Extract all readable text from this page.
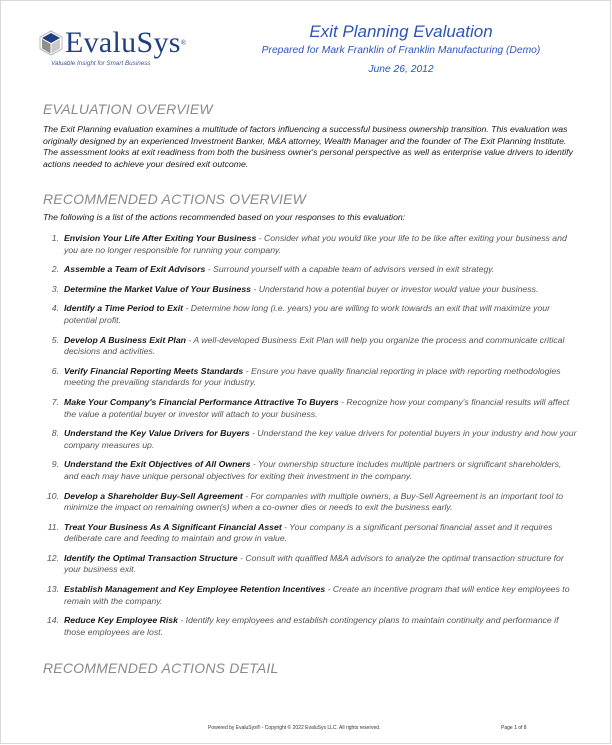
EvaluSys®
Valuable Insight for Smart Business
Exit Planning Evaluation
Prepared for Mark Franklin of Franklin Manufacturing (Demo)
June 26, 2012
EVALUATION OVERVIEW
The Exit Planning evaluation examines a multitude of factors influencing a successful business ownership transition. This evaluation was originally designed by an experienced Investment Banker, M&A attorney, Wealth Manager and the founder of The Exit Planning Institute. The assessment looks at exit readiness from both the business owner's personal perspective as well as enterprise value drivers to identify actions needed to achieve your desired exit outcome.
RECOMMENDED ACTIONS OVERVIEW
The following is a list of the actions recommended based on your responses to this evaluation:
1. Envision Your Life After Exiting Your Business - Consider what you would like your life to be like after exiting your business and you are no longer responsible for running your company.
2. Assemble a Team of Exit Advisors - Surround yourself with a capable team of advisors versed in exit strategy.
3. Determine the Market Value of Your Business - Understand how a potential buyer or investor would value your business.
4. Identify a Time Period to Exit - Determine how long (i.e. years) you are willing to work towards an exit that will maximize your potential profit.
5. Develop A Business Exit Plan - A well-developed Business Exit Plan will help you organize the process and communicate critical decisions and activities.
6. Verify Financial Reporting Meets Standards - Ensure you have quality financial reporting in place with reporting methodologies meeting the prevailing standards for your industry.
7. Make Your Company's Financial Performance Attractive To Buyers - Recognize how your company's financial results will affect the value a potential buyer or investor will attach to your business.
8. Understand the Key Value Drivers for Buyers - Understand the key value drivers for potential buyers in your industry and how your company measures up.
9. Understand the Exit Objectives of All Owners - Your ownership structure includes multiple partners or significant shareholders, and each may have unique personal objectives for exiting their investment in the company.
10. Develop a Shareholder Buy-Sell Agreement - For companies with multiple owners, a Buy-Sell Agreement is an important tool to minimize the impact on remaining owner(s) when a co-owner dies or needs to exit the business early.
11. Treat Your Business As A Significant Financial Asset - Your company is a significant personal financial asset and it requires deliberate care and feeding to maintain and grow in value.
12. Identify the Optimal Transaction Structure - Consult with qualified M&A advisors to analyze the optimal transaction structure for your business exit.
13. Establish Management and Key Employee Retention Incentives - Create an incentive program that will entice key employees to remain with the company.
14. Reduce Key Employee Risk - Identify key employees and establish contingency plans to maintain continuity and performance if those employees are lost.
RECOMMENDED ACTIONS DETAIL
Powered by EvaluSys® - Copyright © 2022 EvaluSys LLC. All rights reserved.	Page 1 of 8
